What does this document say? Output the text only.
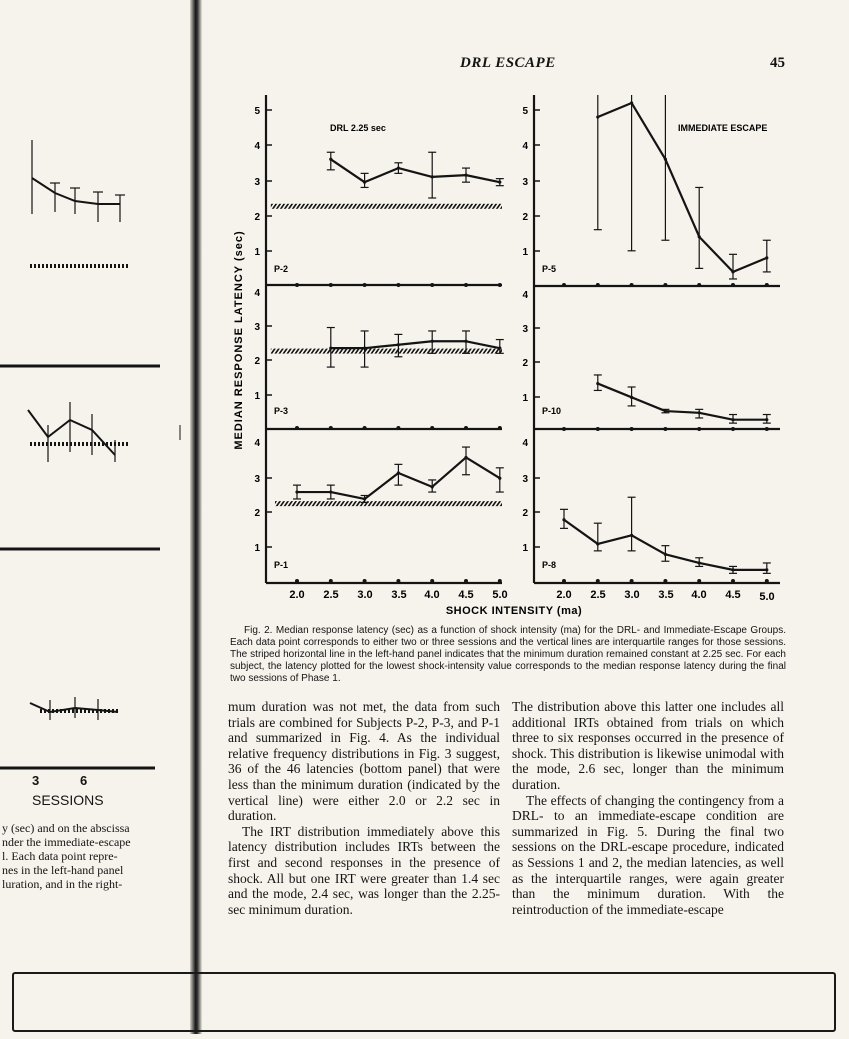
3	6
SESSIONS
y (sec) and on the abscissa
nder the immediate-escape
l. Each data point repre-
nes in the left-hand panel
luration, and in the right-
DRL ESCAPE	45
MEDIAN RESPONSE LATENCY (sec)
DRL 2.25 sec	IMMEDIATE ESCAPE
5
4
3
2
1
5
4
3
2
1
4
3
2
1
4
3
2
1
4
3
2
1
4
3
2
1
P-2	P-5
P-3	P-10
P-1	P-8
2.0 2.5 3.0 3.5 4.0 4.5 5.0	2.0 2.5 3.0 3.5 4.0 4.5 5.0
SHOCK INTENSITY (ma)
Fig. 2. Median response latency (sec) as a function of shock intensity (ma) for the DRL- and Immediate-Escape Groups. Each data point corresponds to either two or three sessions and the vertical lines are interquartile ranges for those sessions. The striped horizontal line in the left-hand panel indicates that the minimum duration remained constant at 2.25 sec. For each subject, the latency plotted for the lowest shock-intensity value corresponds to the median response latency during the final two sessions of Phase 1.

mum duration was not met, the data from such trials are combined for Subjects P-2, P-3, and P-1 and summarized in Fig. 4. As the individual relative frequency distributions in Fig. 3 suggest, 36 of the 46 latencies (bottom panel) that were less than the minimum duration (indicated by the vertical line) were either 2.0 or 2.2 sec in duration.

The IRT distribution immediately above this latency distribution includes IRTs between the first and second responses in the presence of shock. All but one IRT were greater than 1.4 sec and the mode, 2.4 sec, was longer than the 2.25-sec minimum duration.

The distribution above this latter one includes all additional IRTs obtained from trials on which three to six responses occurred in the presence of shock. This distribution is likewise unimodal with the mode, 2.6 sec, longer than the minimum duration.

The effects of changing the contingency from a DRL- to an immediate-escape condition are summarized in Fig. 5. During the final two sessions on the DRL-escape procedure, indicated as Sessions 1 and 2, the median latencies, as well as the interquartile ranges, were again greater than the minimum duration. With the reintroduction of the immediate-escape
